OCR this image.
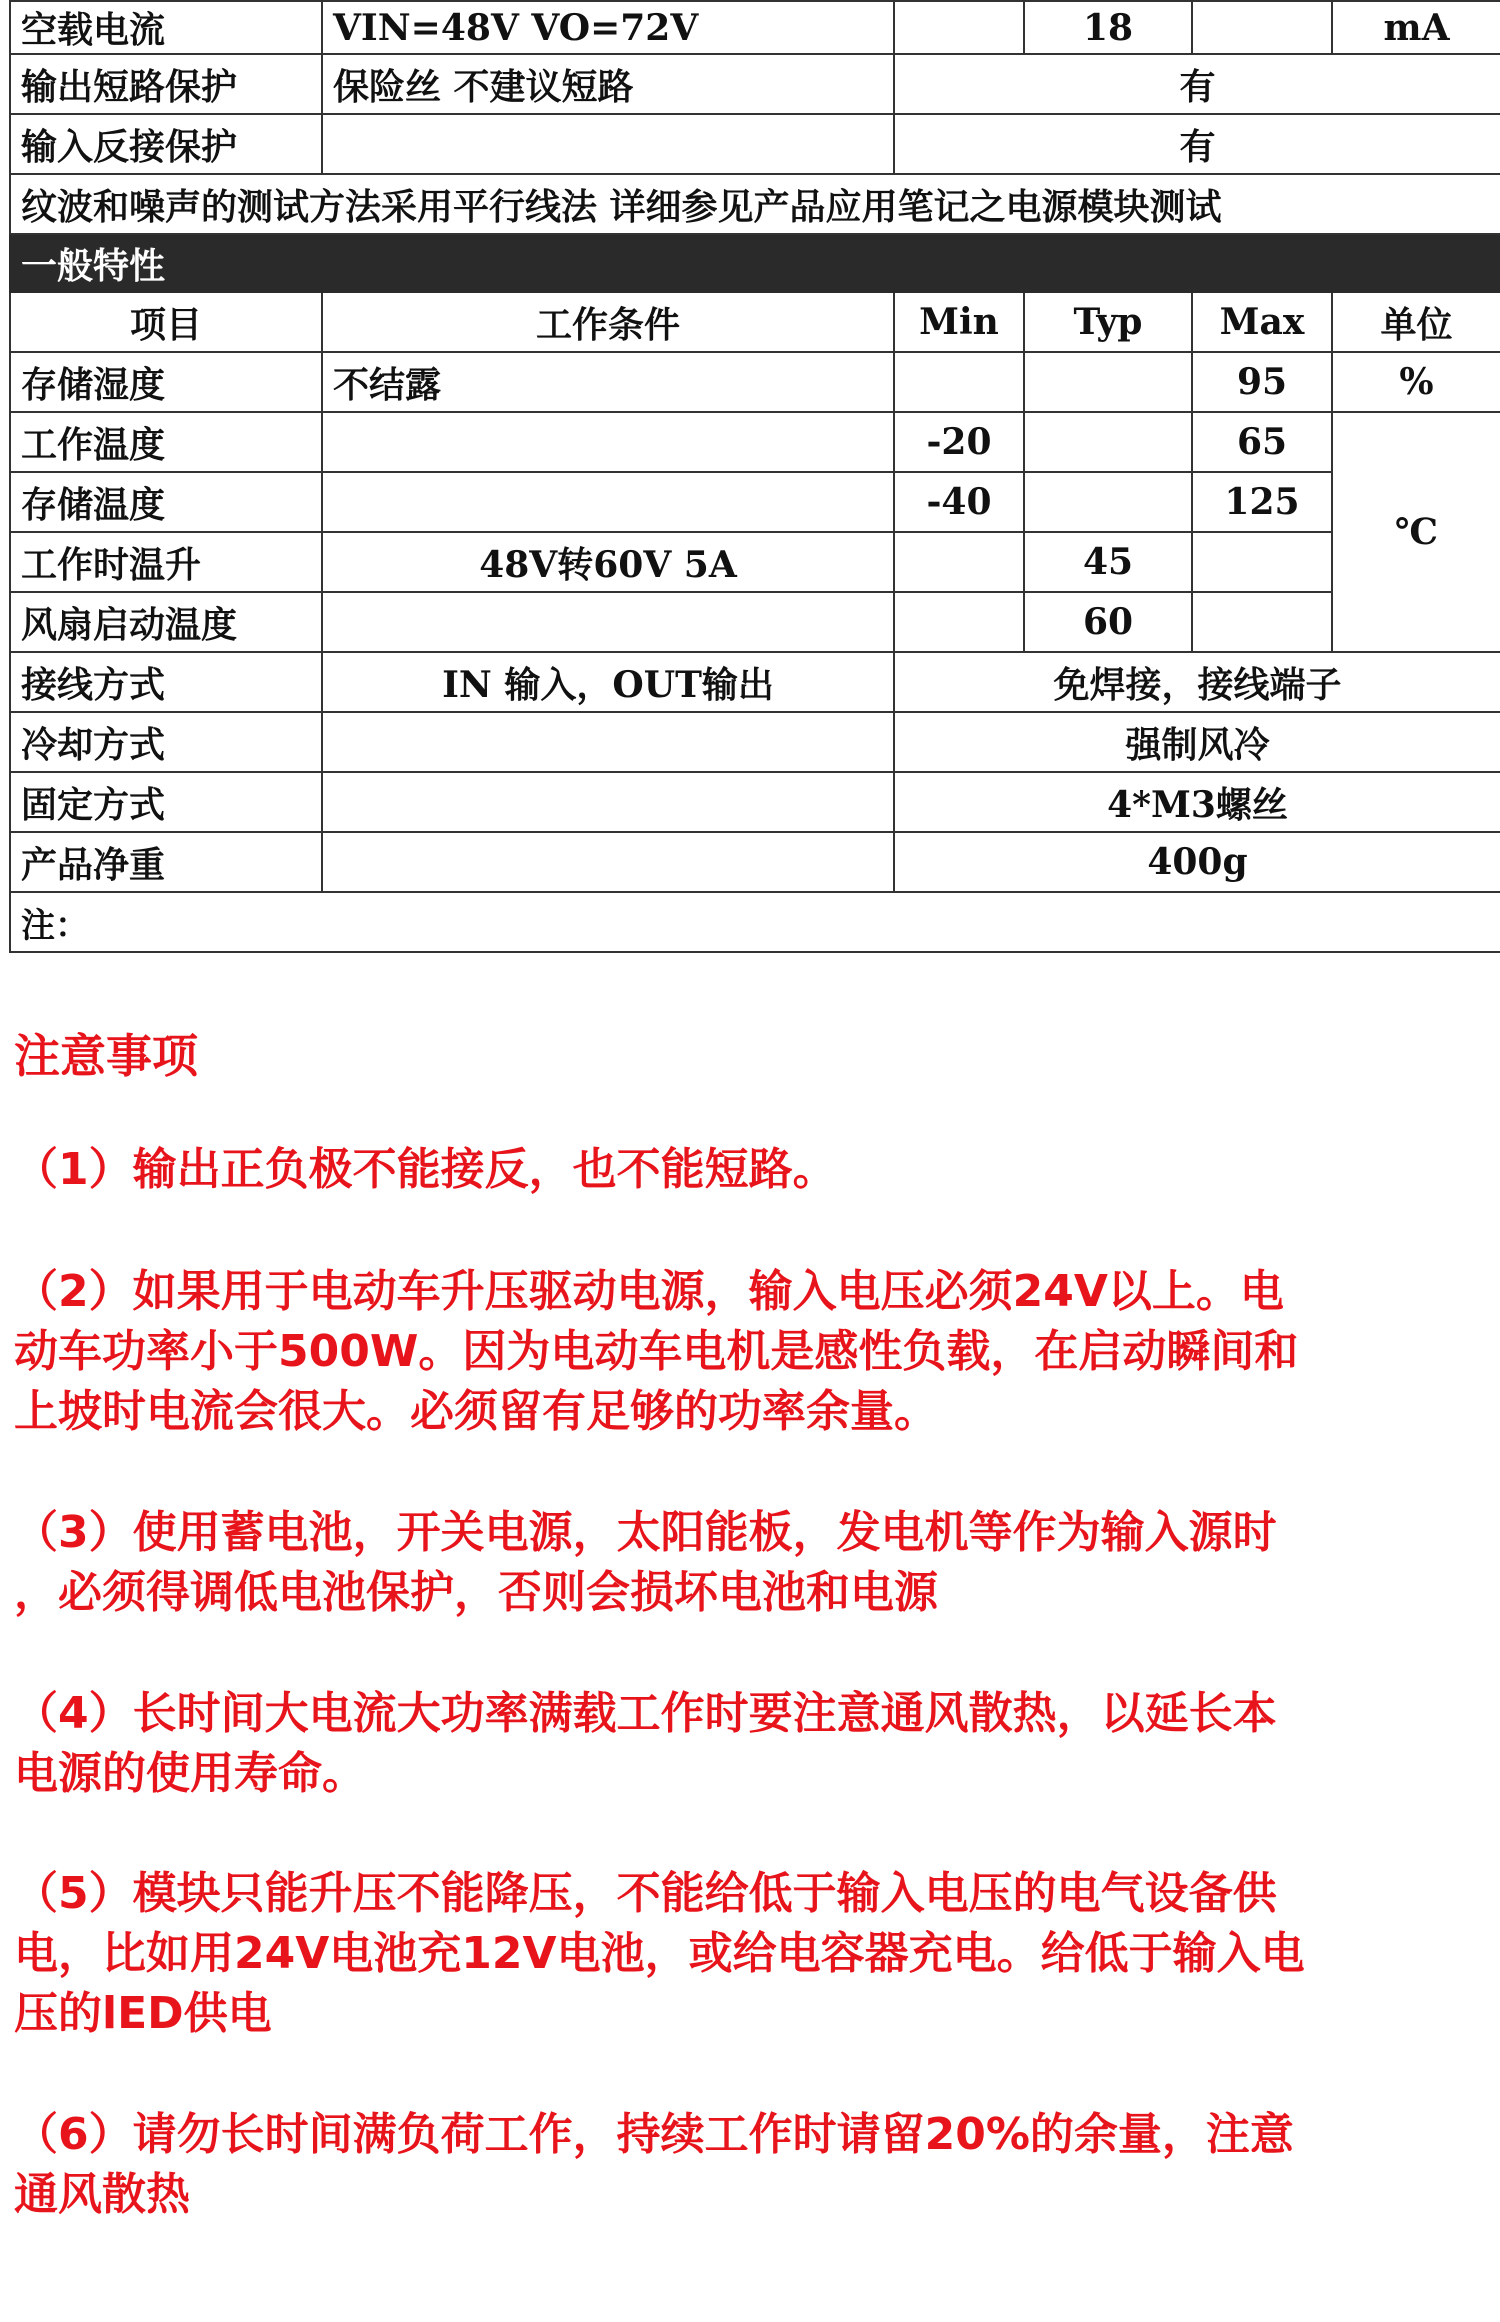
空载电流	VIN=48V VO=72V		18		mA
输出短路保护	保险丝 不建议短路	有			
输入反接保护		有			
纹波和噪声的测试方法采用平行线法 详细参见产品应用笔记之电源模块测试					
一般特性					
项目	工作条件	Min	Typ	Max	单位
存储湿度	不结露			95	%
工作温度		-20		65	℃
存储温度		-40		125	
工作时温升	48V转60V 5A		45		
风扇启动温度			60		
接线方式	IN 输入，OUT输出	免焊接，接线端子			
冷却方式		强制风冷			
固定方式		4*M3螺丝			
产品净重		400g			
注：					
注意事项
（1）输出正负极不能接反，也不能短路。
（2）如果用于电动车升压驱动电源，输入电压必须24V以上。电
动车功率小于500W。因为电动车电机是感性负载，在启动瞬间和
上坡时电流会很大。必须留有足够的功率余量。
（3）使用蓄电池，开关电源，太阳能板，发电机等作为输入源时
，必须得调低电池保护，否则会损坏电池和电源
（4）长时间大电流大功率满载工作时要注意通风散热，以延长本
电源的使用寿命。
（5）模块只能升压不能降压，不能给低于输入电压的电气设备供
电，比如用24V电池充12V电池，或给电容器充电。给低于输入电
压的lED供电
（6）请勿长时间满负荷工作，持续工作时请留20%的余量，注意
通风散热
